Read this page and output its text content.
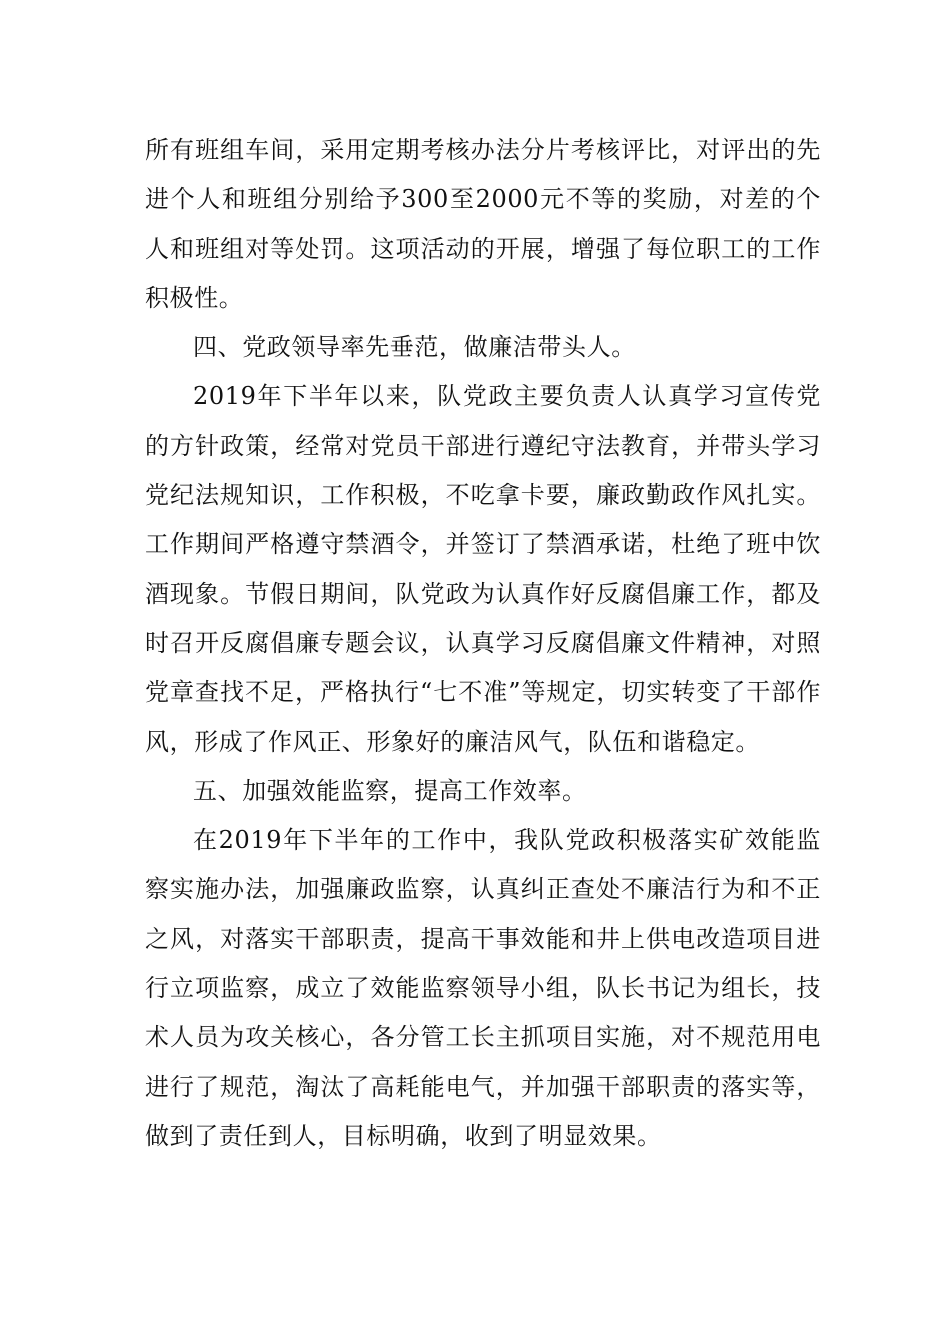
所有班组车间，采用定期考核办法分片考核评比，对评出的先进个人和班组分别给予300至2000元不等的奖励，对差的个人和班组对等处罚。这项活动的开展，增强了每位职工的工作积极性。

四、党政领导率先垂范，做廉洁带头人。

2019年下半年以来，队党政主要负责人认真学习宣传党的方针政策，经常对党员干部进行遵纪守法教育，并带头学习党纪法规知识，工作积极，不吃拿卡要，廉政勤政作风扎实。工作期间严格遵守禁酒令，并签订了禁酒承诺，杜绝了班中饮酒现象。节假日期间，队党政为认真作好反腐倡廉工作，都及时召开反腐倡廉专题会议，认真学习反腐倡廉文件精神，对照党章查找不足，严格执行“七不准”等规定，切实转变了干部作风，形成了作风正、形象好的廉洁风气，队伍和谐稳定。

五、加强效能监察，提高工作效率。

在2019年下半年的工作中，我队党政积极落实矿效能监察实施办法，加强廉政监察，认真纠正查处不廉洁行为和不正之风，对落实干部职责，提高干事效能和井上供电改造项目进行立项监察，成立了效能监察领导小组，队长书记为组长，技术人员为攻关核心，各分管工长主抓项目实施，对不规范用电进行了规范，淘汰了高耗能电气，并加强干部职责的落实等，做到了责任到人，目标明确，收到了明显效果。
